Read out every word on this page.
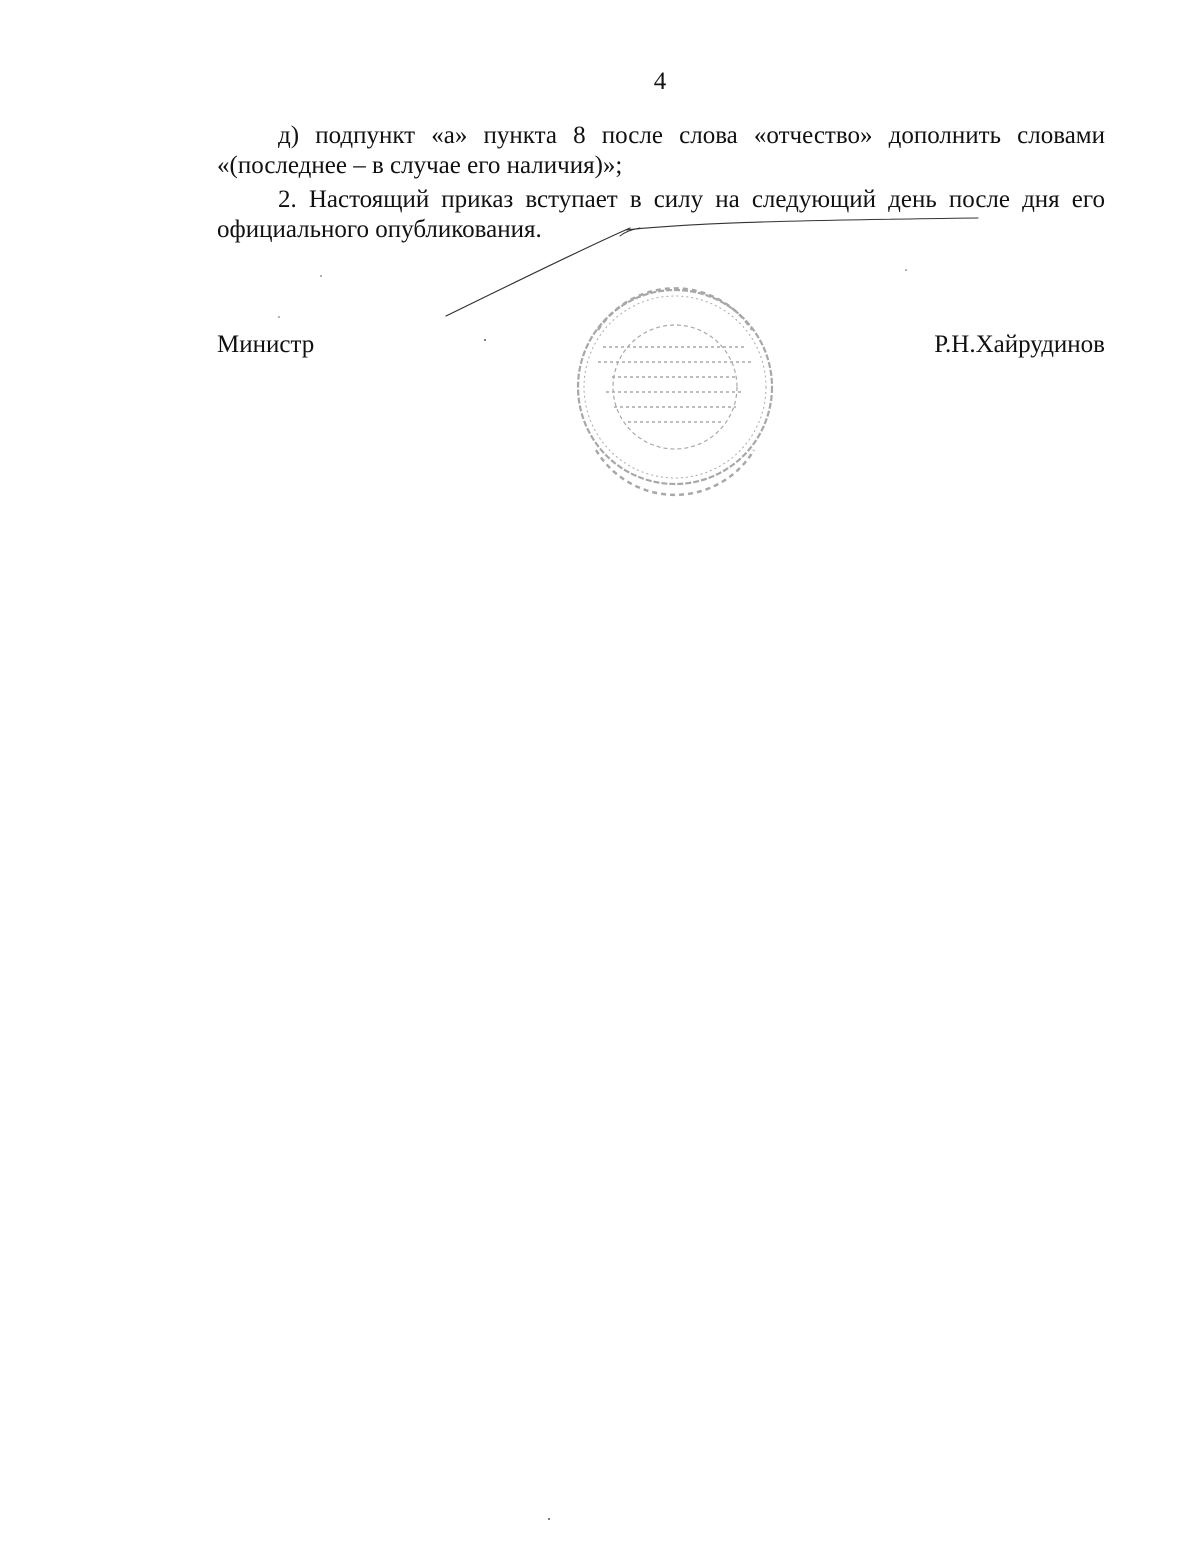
4

д) подпункт «а» пункта 8 после слова «отчество» дополнить словами «(последнее – в случае его наличия)»;

2. Настоящий приказ вступает в силу на следующий день после дня его официального опубликования.

Министр	Р.Н.Хайрудинов
